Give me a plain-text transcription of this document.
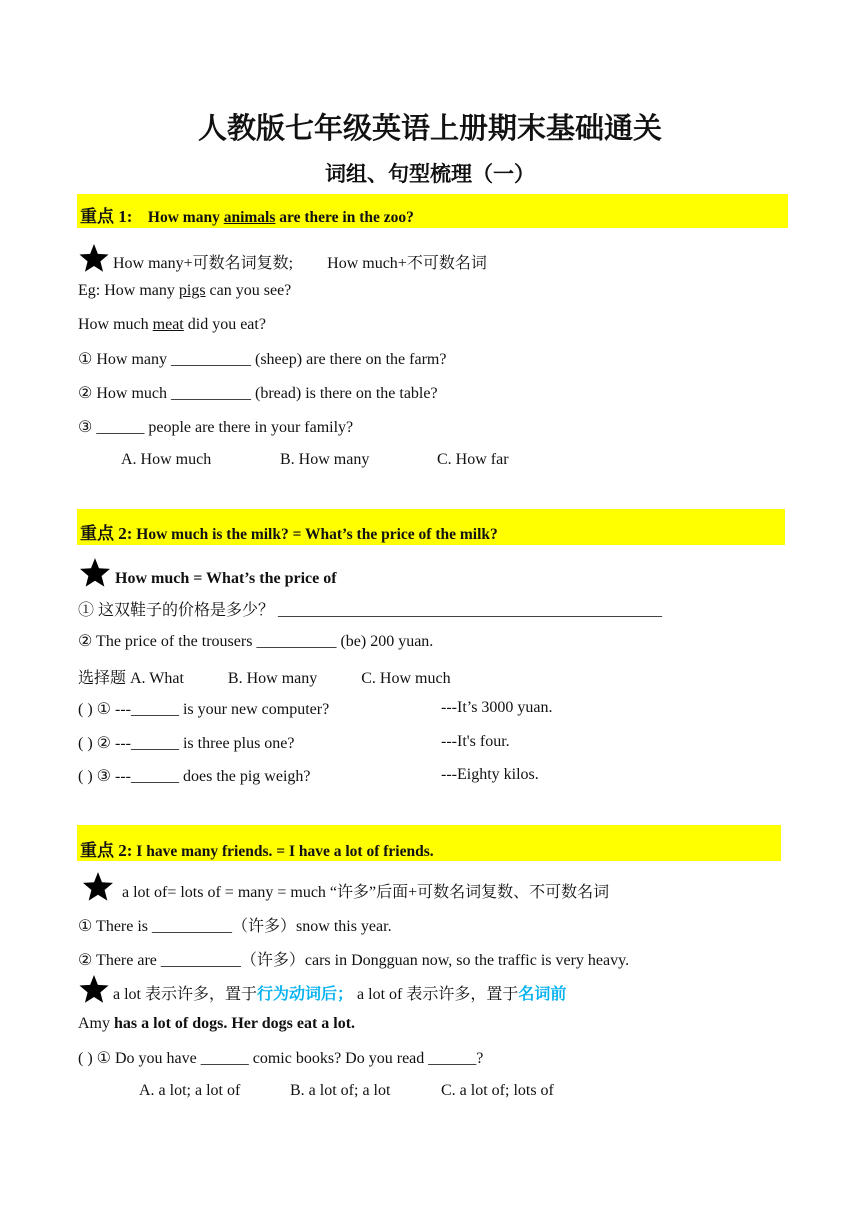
人教版七年级英语上册期末基础通关
词组、句型梳理（一）
重点 1: How many animals are there in the zoo?
How many+可数名词复数; How much+不可数名词
Eg: How many pigs can you see?
How much meat did you eat?
① How many __________ (sheep) are there on the farm?
② How much __________ (bread) is there on the table?
③ ______ people are there in your family?
A. How much	B. How many	C. How far
重点 2: How much is the milk? = What’s the price of the milk?
How much = What’s the price of
① 这双鞋子的价格是多少？ ________________________________________________
② The price of the trousers __________ (be) 200 yuan.
选择题 A. What	B. How many	C. How much
( ) ① ---______ is your new computer?	---It’s 3000 yuan.
( ) ② ---______ is three plus one?	---It's four.
( ) ③ ---______ does the pig weigh?	---Eighty kilos.
重点 2: I have many friends. = I have a lot of friends.
a lot of= lots of = many = much “许多”后面+可数名词复数、不可数名词
① There is __________（许多）snow this year.
② There are __________（许多）cars in Dongguan now, so the traffic is very heavy.
a lot 表示许多，置于行为动词后； a lot of 表示许多，置于名词前
Amy has a lot of dogs. Her dogs eat a lot.
( ) ① Do you have ______ comic books? Do you read ______?
A. a lot; a lot of	B. a lot of; a lot	C. a lot of; lots of
